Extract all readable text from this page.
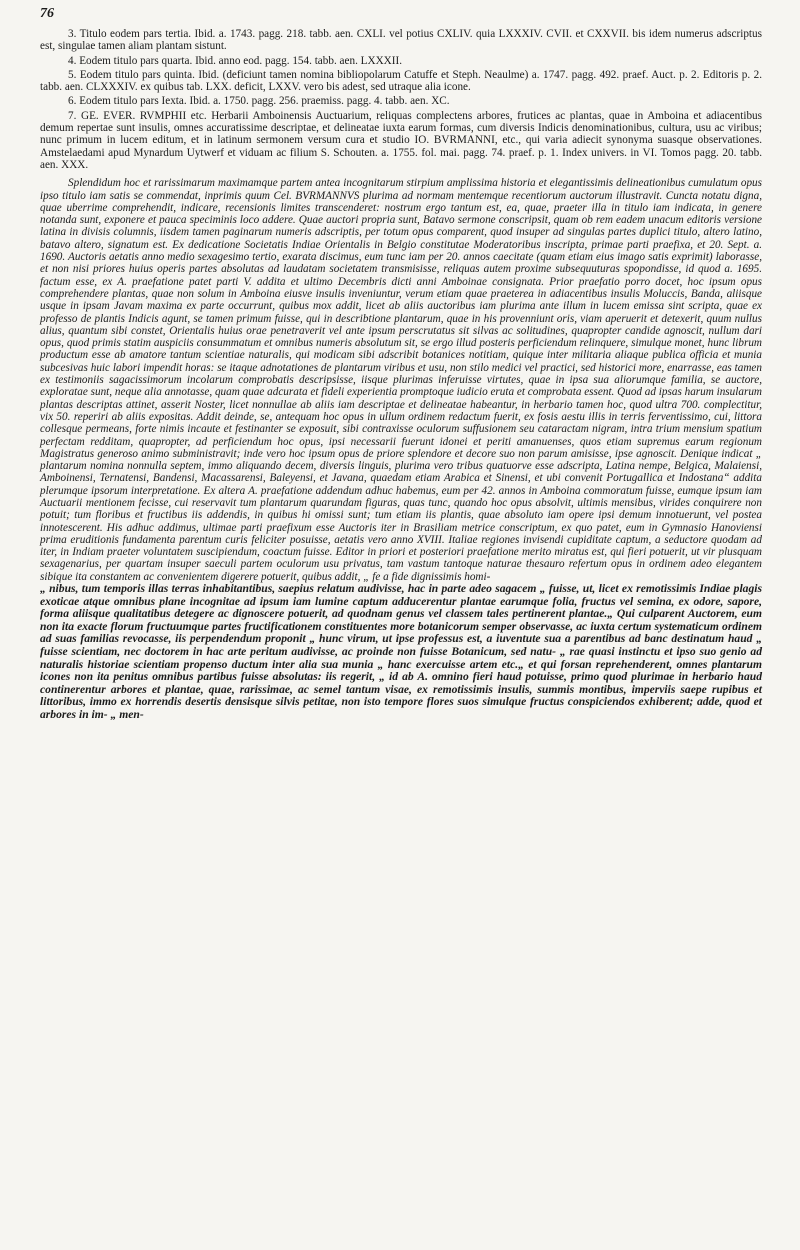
76

3. Titulo eodem pars tertia. Ibid. a. 1743. pagg. 218. tabb. aen. CXLI. vel potius CXLIV. quia LXXXIV. CVII. et CXXVII. bis idem numerus adscriptus est, singulae tamen aliam plantam sistunt.

4. Eodem titulo pars quarta. Ibid. anno eod. pagg. 154. tabb. aen. LXXXII.

5. Eodem titulo pars quinta. Ibid. (deficiunt tamen nomina bibliopolarum Catuffe et Steph. Neaulme) a. 1747. pagg. 492. praef. Auct. p. 2. Editoris p. 2. tabb. aen. CLXXXIV. ex quibus tab. LXX. deficit, LXXV. vero bis adest, sed utraque alia icone.

6. Eodem titulo pars Iexta. Ibid. a. 1750. pagg. 256. praemiss. pagg. 4. tabb. aen. XC.

7. GE. EVER. RVMPHII etc. Herbarii Amboinensis Auctuarium, reliquas complectens arbores, frutices ac plantas, quae in Amboina et adiacentibus demum repertae sunt insulis, omnes accuratissime descriptae, et delineatae iuxta earum formas, cum diversis Indicis denominationibus, cultura, usu ac viribus; nunc primum in lucem editum, et in latinum sermonem versum cura et studio IO. BVRMANNI, etc., qui varia adiecit synonyma suasque observationes. Amstelaedami apud Mynardum Uytwerf et viduam ac filium S. Schouten. a. 1755. fol. mai. pagg. 74. praef. p. 1. Index univers. in VI. Tomos pagg. 20. tabb. aen. XXX.

Splendidum hoc et rarissimarum maximamque partem antea incognitarum stirpium amplissima historia et elegantissimis delineationibus cumulatum opus ipso titulo iam satis se commendat, inprimis quum Cel. BVRMANNVS plurima ad normam mentemque recentiorum auctorum illustravit. Cuncta notatu digna, quae uberrime comprehendit, indicare, recensionis limites transcenderet: nostrum ergo tantum est, ea, quae, praeter illa in titulo iam indicata, in genere notanda sunt, exponere et pauca speciminis loco addere. Quae auctori propria sunt, Batavo sermone conscripsit, quam ob rem eadem unacum editoris versione latina in divisis columnis, iisdem tamen paginarum numeris adscriptis, per totum opus comparent, quod insuper ad singulas partes duplici titulo, altero latino, batavo altero, signatum est. Ex dedicatione Societatis Indiae Orientalis in Belgio constitutae Moderatoribus inscripta, primae parti praefixa, et 20. Sept. a. 1690. Auctoris aetatis anno medio sexagesimo tertio, exarata discimus, eum tunc iam per 20. annos caecitate (quam etiam eius imago satis exprimit) laborasse, et non nisi priores huius operis partes absolutas ad laudatam societatem transmisisse, reliquas autem proxime subsequuturas spopondisse, id quod a. 1695. factum esse, ex A. praefatione patet parti V. addita et ultimo Decembris dicti anni Amboinae consignata. Prior praefatio porro docet, hoc ipsum opus comprehendere plantas, quae non solum in Amboina eiusve insulis inveniuntur, verum etiam quae praeterea in adiacentibus insulis Moluccis, Banda, aliisque usque in ipsam Javam maxima ex parte occurrunt, quibus mox addit, licet ab aliis auctoribus iam plurima ante illum in lucem emissa sint scripta, quae ex professo de plantis Indicis agunt, se tamen primum fuisse, qui in describtione plantarum, quae in his provenniunt oris, viam aperuerit et detexerit, quum nullus alius, quantum sibi constet, Orientalis huius orae penetraverit vel ante ipsum perscrutatus sit silvas ac solitudines, quapropter candide agnoscit, nullum dari opus, quod primis statim auspiciis consummatum et omnibus numeris absolutum sit, se ergo illud posteris perficiendum relinquere, simulque monet, hunc librum productum esse ab amatore tantum scientiae naturalis, qui modicam sibi adscribit botanices notitiam, quique inter militaria aliaque publica officia et munia subcesivas huic labori impendit horas: se itaque adnotationes de plantarum viribus et usu, non stilo medici vel practici, sed historici more, enarrasse, eas tamen ex testimoniis sagacissimorum incolarum comprobatis descripsisse, iisque plurimas inferuisse virtutes, quae in ipsa sua aliorumque familia, se auctore, exploratae sunt, neque alia annotasse, quam quae adcurata et fideli experientia promptoque iudicio eruta et comprobata essent. Quod ad ipsas harum insularum plantas descriptas attinet, asserit Noster, licet nonnullae ab aliis iam descriptae et delineatae habeantur, in herbario tamen hoc, quod ultra 700. complectitur, vix 50. reperiri ab aliis expositas. Addit deinde, se, antequam hoc opus in ullum ordinem redactum fuerit, ex fosis aestu illis in terris ferventissimo, cui, littora collesque permeans, forte nimis incaute et festinanter se exposuit, sibi contraxisse oculorum suffusionem seu cataractam nigram, intra trium mensium spatium perfectam redditam, quapropter, ad perficiendum hoc opus, ipsi necessarii fuerunt idonei et periti amanuenses, quos etiam supremus earum regionum Magistratus generoso animo subministravit; inde vero hoc ipsum opus de priore splendore et decore suo non parum amisisse, ipse agnoscit. Denique indicat „ plantarum nomina nonnulla septem, immo aliquando decem, diversis linguis, plurima vero tribus quatuorve esse adscripta, Latina nempe, Belgica, Malaiensi, Amboinensi, Ternatensi, Bandensi, Macassarensi, Baleyensi, et Javana, quaedam etiam Arabica et Sinensi, et ubi convenit Portugallica et Indostana“ addita plerumque ipsorum interpretatione. Ex altera A. praefatione addendum adhuc habemus, eum per 42. annos in Amboina commoratum fuisse, eumque ipsum iam Auctuarii mentionem fecisse, cui reservavit tum plantarum quarundam figuras, quas tunc, quando hoc opus absolvit, ultimis mensibus, virides conquirere non potuit; tum floribus et fructibus iis addendis, in quibus hi omissi sunt; tum etiam iis plantis, quae absoluto iam opere ipsi demum innotuerunt, vel postea innotescerent. His adhuc addimus, ultimae parti praefixum esse Auctoris iter in Brasiliam metrice conscriptum, ex quo patet, eum in Gymnasio Hanoviensi prima eruditionis fundamenta parentum curis feliciter posuisse, aetatis vero anno XVIII. Italiae regiones invisendi cupiditate captum, a seductore quodam ad iter, in Indiam praeter voluntatem suscipiendum, coactum fuisse. Editor in priori et posteriori praefatione merito miratus est, qui fieri potuerit, ut vir plusquam sexagenarius, per quartam insuper saeculi partem oculorum usu privatus, tam vastum tantoque naturae thesauro refertum opus in ordinem adeo elegantem sibique ita constantem ac convenientem digerere potuerit, quibus addit, „ fe a fide dignissimis homi-

„ nibus, tum temporis illas terras inhabitantibus, saepius relatum audivisse, hac in parte adeo sagacem „ fuisse, ut, licet ex remotissimis Indiae plagis exoticae atque omnibus plane incognitae ad ipsum iam lumine captum adducerentur plantae earumque folia, fructus vel semina, ex odore, sapore, forma aliisque qualitatibus detegere ac dignoscere potuerit, ad quodnam genus vel classem tales pertinerent plantae.„ Qui culparent Auctorem, eum non ita exacte florum fructuumque partes fructificationem constituentes more botanicorum semper observasse, ac iuxta certum systematicum ordinem ad suas familias revocasse, iis perpendendum proponit „ hunc virum, ut ipse professus est, a iuventute sua a parentibus ad banc destinatum haud „ fuisse scientiam, nec doctorem in hac arte peritum audivisse, ac proinde non fuisse Botanicum, sed natu- „ rae quasi instinctu et ipso suo genio ad naturalis historiae scientiam propenso ductum inter alia sua munia „ hanc exercuisse artem etc.„ et qui forsan reprehenderent, omnes plantarum icones non ita penitus omnibus partibus fuisse absolutas: iis regerit, „ id ab A. omnino fieri haud potuisse, primo quod plurimae in herbario haud continerentur arbores et plantae, quae, rarissimae, ac semel tantum visae, ex remotissimis insulis, summis montibus, imperviis saepe rupibus et littoribus, immo ex horrendis desertis densisque silvis petitae, non isto tempore flores suos simulque fructus conspiciendos exhiberent; adde, quod et arbores in im- „ men-
